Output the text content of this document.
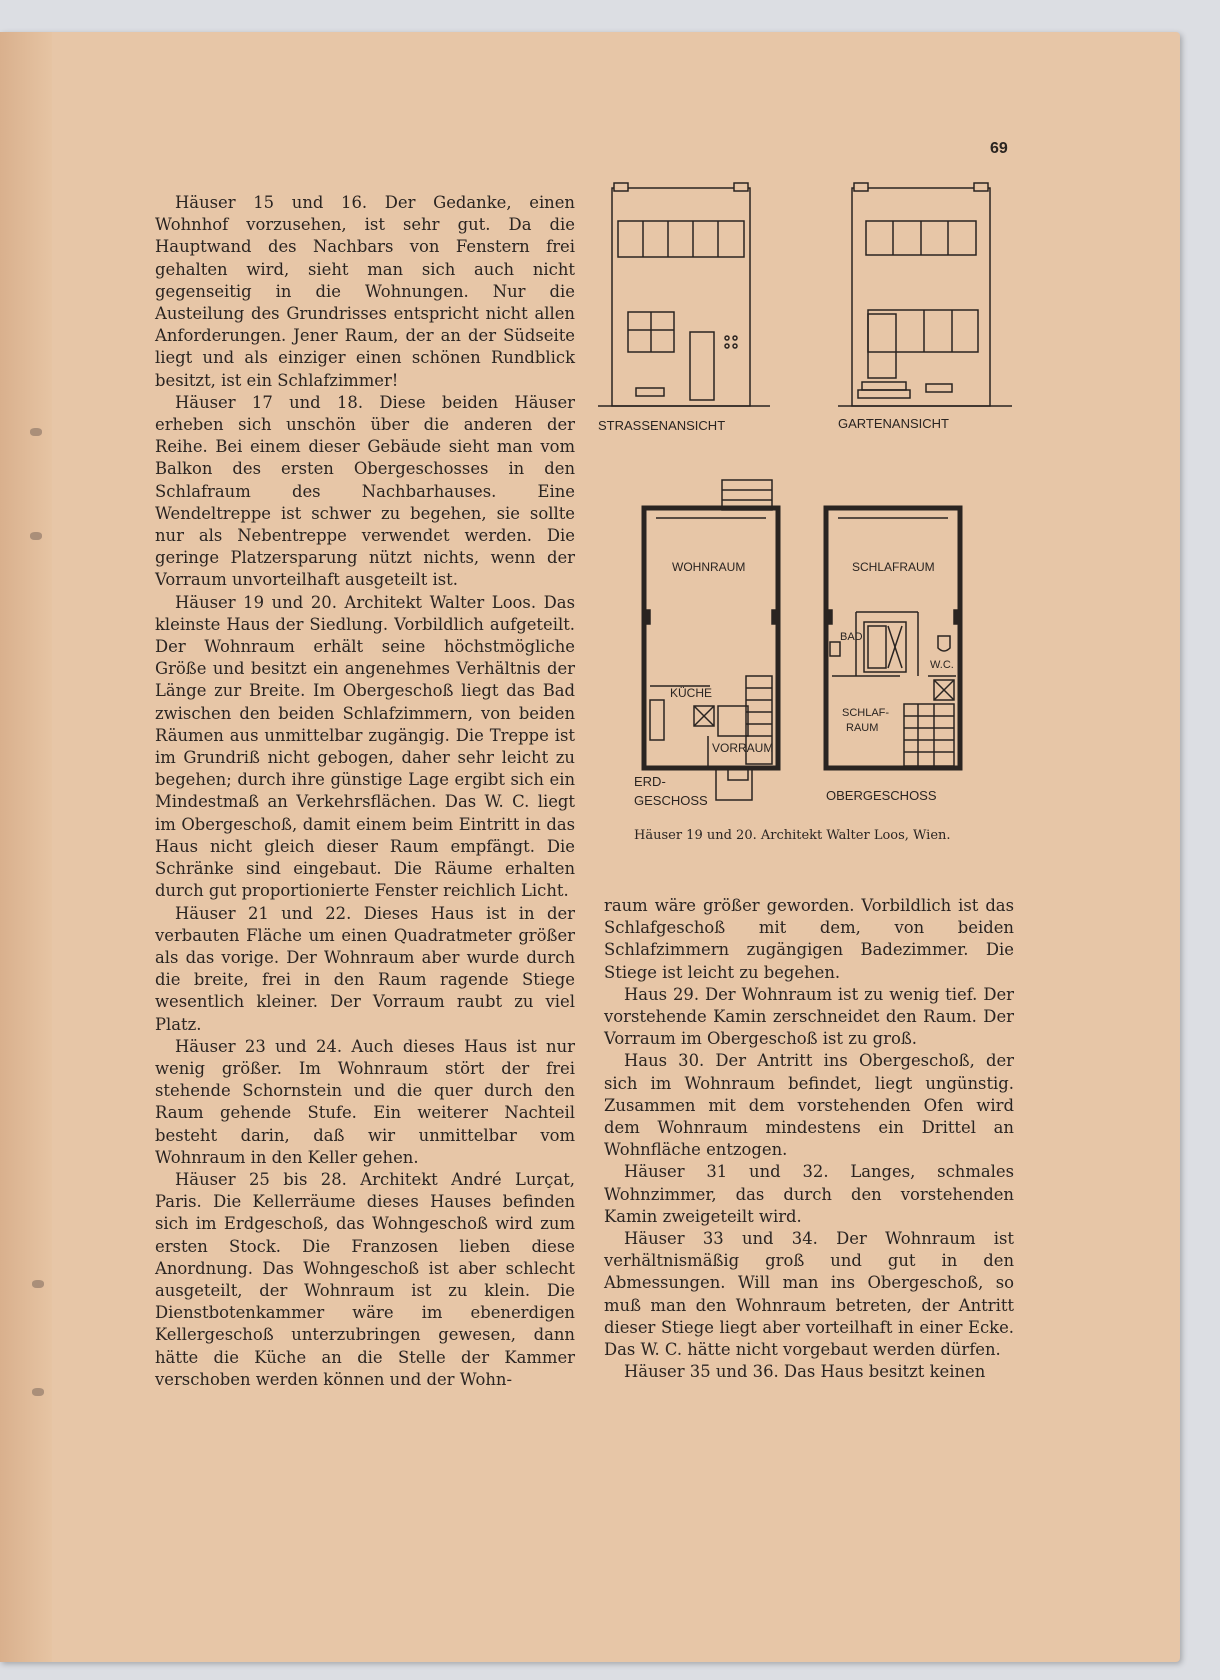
69

Häuser 15 und 16. Der Gedanke, einen Wohnhof vorzusehen, ist sehr gut. Da die Hauptwand des Nachbars von Fenstern frei gehalten wird, sieht man sich auch nicht gegenseitig in die Wohnungen. Nur die Austeilung des Grundrisses entspricht nicht allen Anforderungen. Jener Raum, der an der Südseite liegt und als einziger einen schönen Rundblick besitzt, ist ein Schlafzimmer!

Häuser 17 und 18. Diese beiden Häuser erheben sich unschön über die anderen der Reihe. Bei einem dieser Gebäude sieht man vom Balkon des ersten Obergeschosses in den Schlafraum des Nachbarhauses. Eine Wendeltreppe ist schwer zu begehen, sie sollte nur als Nebentreppe verwendet werden. Die geringe Platzersparung nützt nichts, wenn der Vorraum unvorteilhaft ausgeteilt ist.

Häuser 19 und 20. Architekt Walter Loos. Das kleinste Haus der Siedlung. Vorbildlich aufgeteilt. Der Wohnraum erhält seine höchstmögliche Größe und besitzt ein angenehmes Verhältnis der Länge zur Breite. Im Obergeschoß liegt das Bad zwischen den beiden Schlafzimmern, von beiden Räumen aus unmittelbar zugängig. Die Treppe ist im Grundriß nicht gebogen, daher sehr leicht zu begehen; durch ihre günstige Lage ergibt sich ein Mindestmaß an Verkehrsflächen. Das W. C. liegt im Obergeschoß, damit einem beim Eintritt in das Haus nicht gleich dieser Raum empfängt. Die Schränke sind eingebaut. Die Räume erhalten durch gut proportionierte Fenster reichlich Licht.

Häuser 21 und 22. Dieses Haus ist in der verbauten Fläche um einen Quadratmeter größer als das vorige. Der Wohnraum aber wurde durch die breite, frei in den Raum ragende Stiege wesentlich kleiner. Der Vorraum raubt zu viel Platz.

Häuser 23 und 24. Auch dieses Haus ist nur wenig größer. Im Wohnraum stört der frei stehende Schornstein und die quer durch den Raum gehende Stufe. Ein weiterer Nachteil besteht darin, daß wir unmittelbar vom Wohnraum in den Keller gehen.

Häuser 25 bis 28. Architekt André Lurçat, Paris. Die Kellerräume dieses Hauses befinden sich im Erdgeschoß, das Wohngeschoß wird zum ersten Stock. Die Franzosen lieben diese Anordnung. Das Wohngeschoß ist aber schlecht ausgeteilt, der Wohnraum ist zu klein. Die Dienstbotenkammer wäre im ebenerdigen Kellergeschoß unterzubringen gewesen, dann hätte die Küche an die Stelle der Kammer verschoben werden können und der Wohn-

STRASSENANSICHT	GARTENANSICHT
WOHNRAUM
KÜCHE
VORRAUM
ERD-
GESCHOSS
SCHLAFRAUM
BAD
W.C.
SCHLAF-
RAUM
OBERGESCHOSS
Häuser 19 und 20. Architekt Walter Loos, Wien.

raum wäre größer geworden. Vorbildlich ist das Schlafgeschoß mit dem, von beiden Schlafzimmern zugängigen Badezimmer. Die Stiege ist leicht zu begehen.

Haus 29. Der Wohnraum ist zu wenig tief. Der vorstehende Kamin zerschneidet den Raum. Der Vorraum im Obergeschoß ist zu groß.

Haus 30. Der Antritt ins Obergeschoß, der sich im Wohnraum befindet, liegt ungünstig. Zusammen mit dem vorstehenden Ofen wird dem Wohnraum mindestens ein Drittel an Wohnfläche entzogen.

Häuser 31 und 32. Langes, schmales Wohnzimmer, das durch den vorstehenden Kamin zweigeteilt wird.

Häuser 33 und 34. Der Wohnraum ist verhältnismäßig groß und gut in den Abmessungen. Will man ins Obergeschoß, so muß man den Wohnraum betreten, der Antritt dieser Stiege liegt aber vorteilhaft in einer Ecke. Das W. C. hätte nicht vorgebaut werden dürfen.

Häuser 35 und 36. Das Haus besitzt keinen
